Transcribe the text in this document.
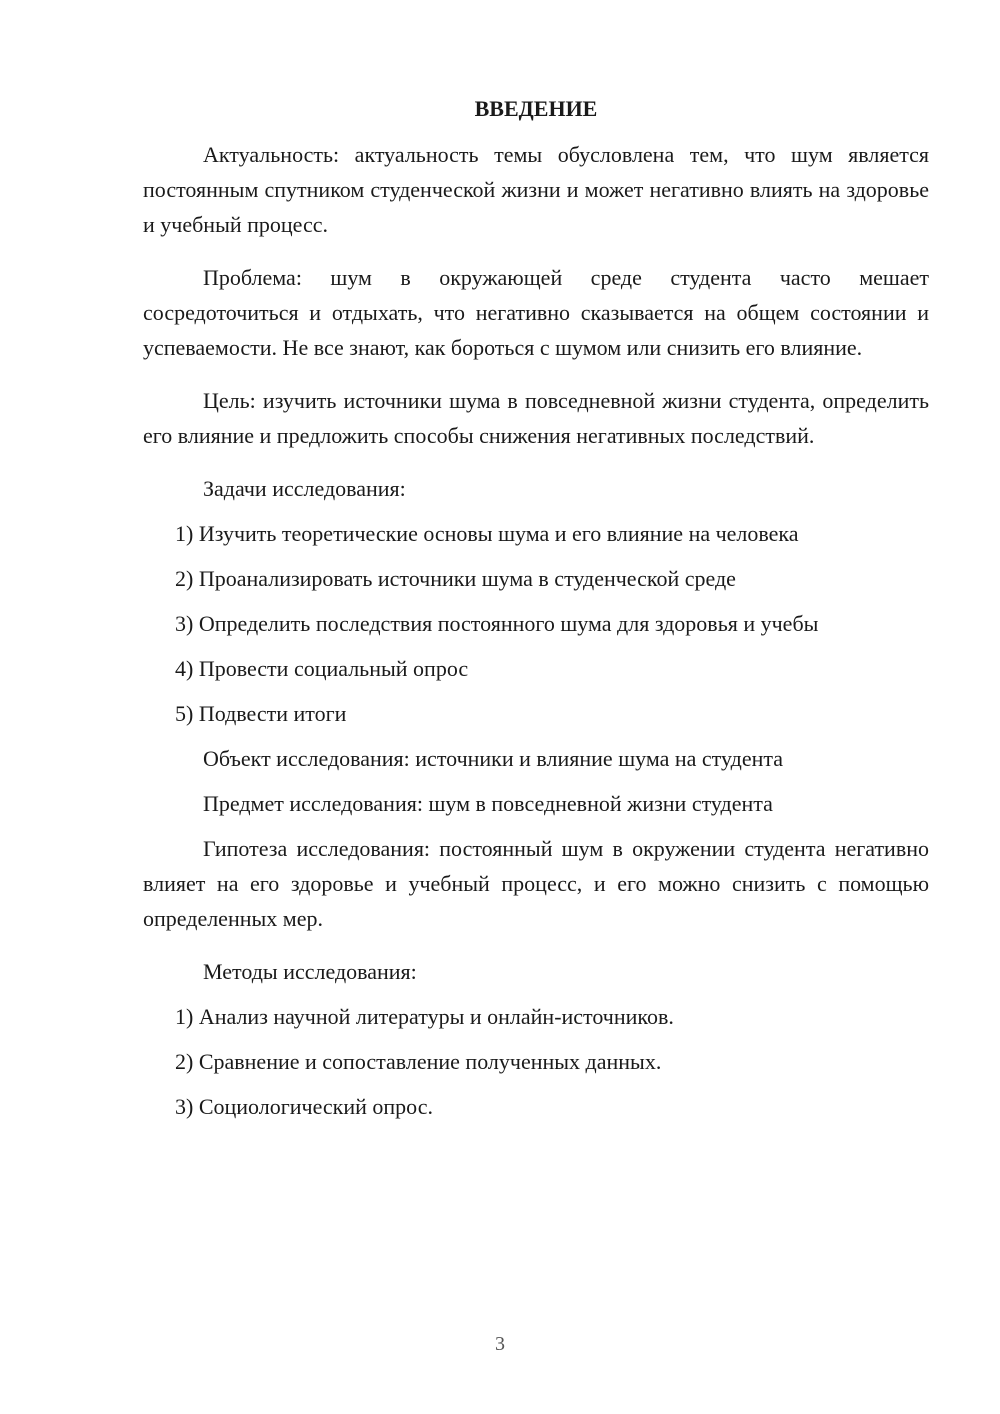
ВВЕДЕНИЕ

Актуальность: актуальность темы обусловлена тем, что шум является постоянным спутником студенческой жизни и может негативно влиять на здоровье и учебный процесс.

Проблема: шум в окружающей среде студента часто мешает сосредоточиться и отдыхать, что негативно сказывается на общем состоянии и успеваемости. Не все знают, как бороться с шумом или снизить его влияние.

Цель: изучить источники шума в повседневной жизни студента, определить его влияние и предложить способы снижения негативных последствий.

Задачи исследования:

1) Изучить теоретические основы шума и его влияние на человека
2) Проанализировать источники шума в студенческой среде
3) Определить последствия постоянного шума для здоровья и учебы
4) Провести социальный опрос
5) Подвести итоги

Объект исследования: источники и влияние шума на студента

Предмет исследования: шум в повседневной жизни студента

Гипотеза исследования: постоянный шум в окружении студента негативно влияет на его здоровье и учебный процесс, и его можно снизить с помощью определенных мер.

Методы исследования:

1) Анализ научной литературы и онлайн-источников.
2) Сравнение и сопоставление полученных данных.
3) Социологический опрос.
3
